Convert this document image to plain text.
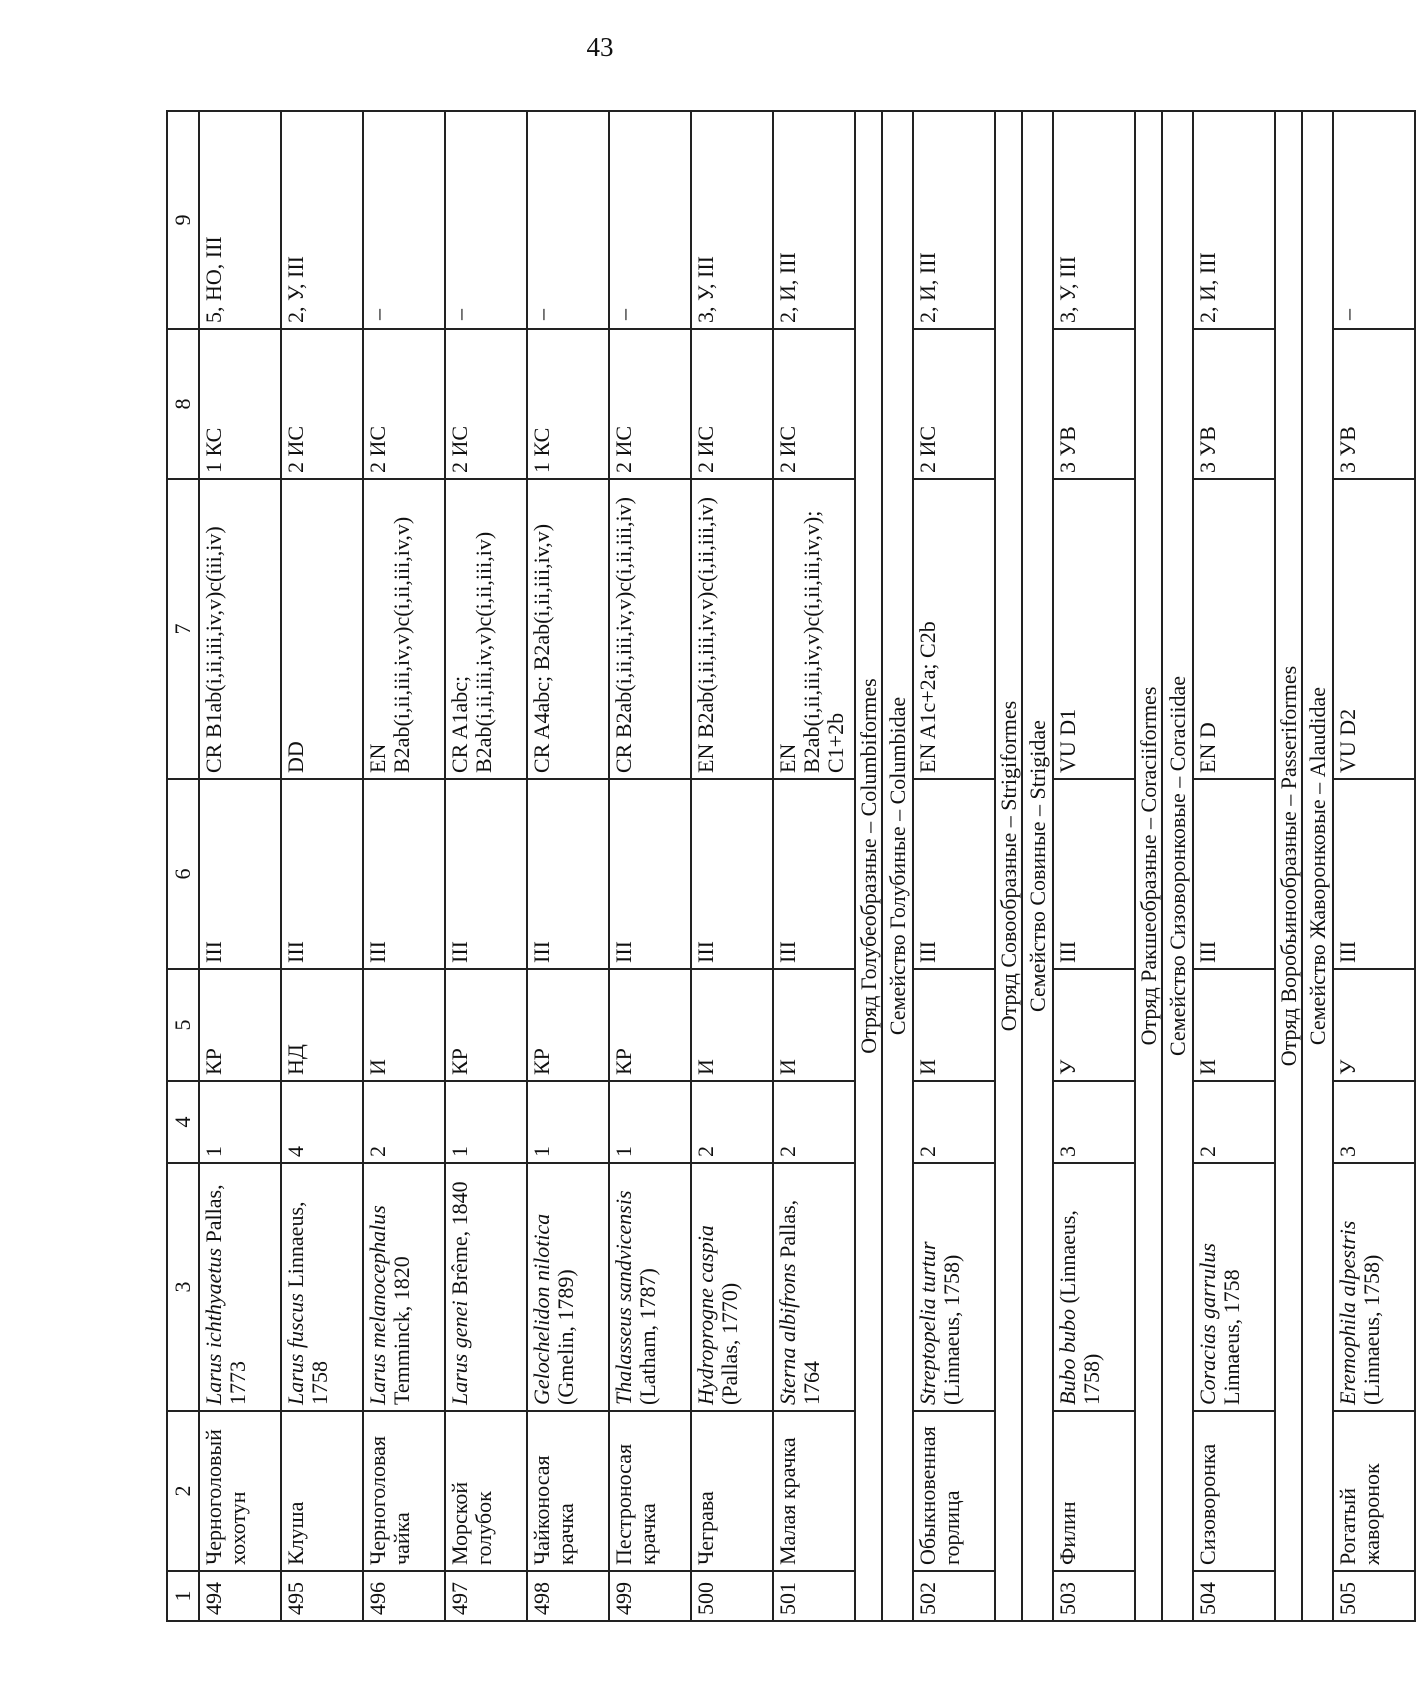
43
1	2	3	4	5	6	7	8	9
494	Черноголовый хохотун	Larus ichthyaetus Pallas, 1773	1	КР	III	CR B1ab(i,ii,iii,iv,v)c(iii,iv)	1 КС	5, НО, III
495	Клуша	Larus fuscus Linnaeus, 1758	4	НД	III	DD	2 ИС	2, У, III
496	Черноголовая чайка	Larus melanocephalus Temminck, 1820	2	И	III	EN B2ab(i,ii,iii,iv,v)c(i,ii,iii,iv,v)	2 ИС	–
497	Морской голубок	Larus genei Brême, 1840	1	КР	III	CR A1abc; B2ab(i,ii,iii,iv,v)c(i,ii,iii,iv)	2 ИС	–
498	Чайконосая крачка	Gelochelidon nilotica (Gmelin, 1789)	1	КР	III	CR A4abc; B2ab(i,ii,iii,iv,v)	1 КС	–
499	Пестроносая крачка	Thalasseus sandvicensis (Latham, 1787)	1	КР	III	CR B2ab(i,ii,iii,iv,v)c(i,ii,iii,iv)	2 ИС	–
500	Чеграва	Hydroprogne caspia (Pallas, 1770)	2	И	III	EN B2ab(i,ii,iii,iv,v)c(i,ii,iii,iv)	2 ИС	3, У, III
501	Малая крачка	Sterna albifrons Pallas, 1764	2	И	III	EN B2ab(i,ii,iii,iv,v)c(i,ii,iii,iv,v); C1+2b	2 ИС	2, И, III
Отряд Голубеобразные – Columbiformes								
Семейство Голубиные – Columbidae								
502	Обыкновенная горлица	Streptopelia turtur (Linnaeus, 1758)	2	И	III	EN A1c+2a; C2b	2 ИС	2, И, III
Отряд Совообразные – Strigiformes								
Семейство Совиные – Strigidae								
503	Филин	Bubo bubo (Linnaeus, 1758)	3	У	III	VU D1	3 УВ	3, У, III
Отряд Ракшеобразные – Coraciiformes								
Семейство Сизоворонковые – Coraciidae								
504	Сизоворонка	Coracias garrulus Linnaeus, 1758	2	И	III	EN D	3 УВ	2, И, III
Отряд Воробьинообразные – Passeriformes								
Семейство Жаворонковые – Alaudidae								
505	Рогатый жаворонок	Eremophila alpestris (Linnaeus, 1758)	3	У	III	VU D2	3 УВ	–
